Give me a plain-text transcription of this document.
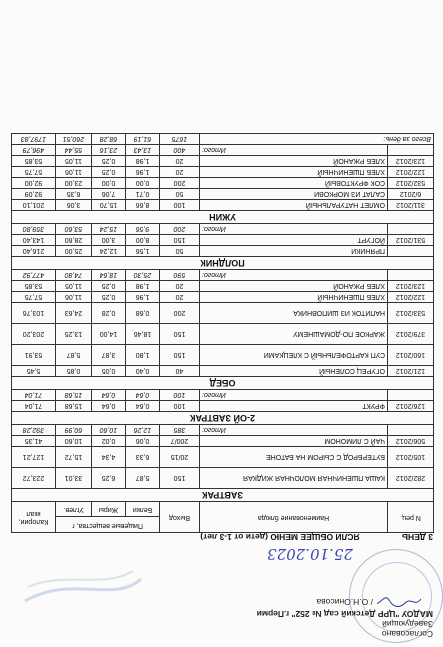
Согласовано
Заведующий
МАДОУ "ЦРР Детский сад № 252" г.Перми
/ О.Н.Онисова
25.10.2023
3 ДЕНЬ ЯСЛИ ОБЩЕЕ МЕНЮ (дети от 1-3 лет)
N рец.	Наименование блюда	Выход	Пищевые вещества, г			Калории, ккал
			Белки	Жиры	Углев.	
ЗАВТРАК						
282/2012	КАША ПШЕНИЧНАЯ МОЛОЧНАЯ ЖИДКАЯ	150	5,87	6,25	33,01	223,72
105/2012	БУТЕРБРОД С СЫРОМ НА БАТОНЕ	20/15	6,33	4,34	15,72	127,21
506/2012	ЧАЙ С ЛИМОНОМ	200/7	0,06	0,02	10,60	41,35
	Итого:	385	12,26	10,60	60,99	392,28
2-ОЙ ЗАВТРАК						
126/2012	ФРУКТ	100	0,64	0,64	15,68	71,04
	Итого:	100	0,64	0,64	15,68	71,04
ОБЕД						
121/2012	ОГУРЕЦ СОЛЕНЫЙ	40	0,40	0,05	0,85	5,45
160/2012	СУП КАРТОФЕЛЬНЫЙ С КЛЕЦКАМИ	150	1,80	3,87	5,87	53,91
379/2012	ЖАРКОЕ ПО-ДОМАШНЕМУ	150	18,46	14,00	13,25	203,20
533/2012	НАПИТОК ИЗ ШИПОВНИКА	200	0,68	0,28	24,63	103,76
122/2012	ХЛЕБ ПШЕНИЧНЫЙ	20	1,96	0,25	11,06	57,75
123/2012	ХЛЕБ РЖАНОЙ	20	1,98	0,25	11,05	53,85
	Итого:	590	25,30	18,64	74,80	477,92
ПОЛДНИК						
	ПРЯНИКИ	50	1,56	12,24	25,00	216,40
531/2012	ЙОГУРТ	150	8,00	3,00	28,60	143,40
	Итого:	200	9,56	15,24	53,60	359,80
УЖИН						
311/2012	ОМЛЕТ НАТУРАЛЬНЫЙ	100	8,66	15,70	3,06	201,10
6/2012	САЛАТ ИЗ МОРКОВИ	50	0,71	7,06	6,35	92,09
532/2012	СОК ФРУКТОВЫЙ	200	0,00	0,00	23,00	92,00
122/2012	ХЛЕБ ПШЕНИЧНЫЙ	20	1,96	0,25	11,06	57,75
123/2012	ХЛЕБ РЖАНОЙ	20	1,98	0,25	11,05	53,85
	Итого:	400	13,43	23,16	55,44	496,79
Всего за день:		1675	61,19	68,28	260,51	1797,83
